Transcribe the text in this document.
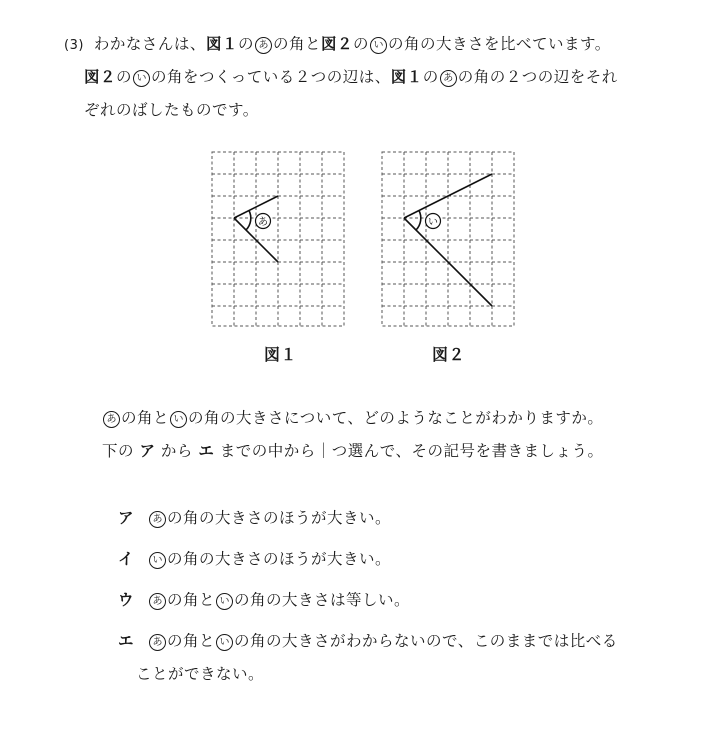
(3) わかなさんは、図１の あ の角と図２の い の角の大きさを比べています。
図２の い の角をつくっている２つの辺は、図１の あ の角の２つの辺をそれ
ぞれのばしたものです。
あ	い
図１	図２
あ の角と い の角の大きさについて、どのようなことがわかりますか。
下の ア から エ までの中から｜つ選んで、その記号を書きましょう。
ア あ の角の大きさのほうが大きい。
イ い の角の大きさのほうが大きい。
ウ あ の角と い の角の大きさは等しい。
エ あ の角と い の角の大きさがわからないので、このままでは比べる
ことができない。
